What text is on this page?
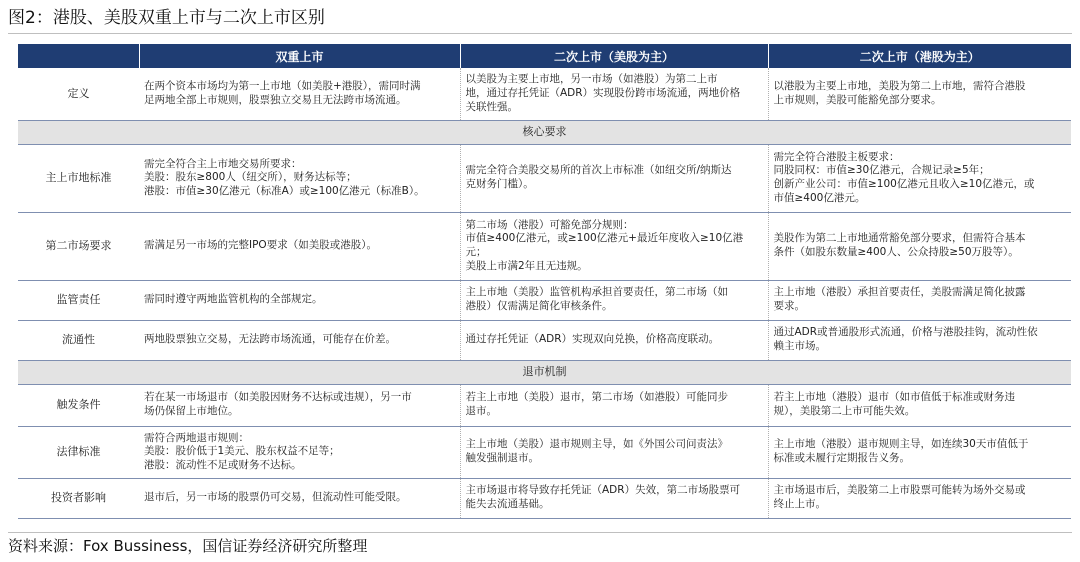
图2：港股、美股双重上市与二次上市区别
	双重上市	二次上市（美股为主）	二次上市（港股为主）
定义	在两个资本市场均为第一上市地（如美股+港股），需同时满
足两地全部上市规则，股票独立交易且无法跨市场流通。	以美股为主要上市地，另一市场（如港股）为第二上市
地，通过存托凭证（ADR）实现股份跨市场流通，两地价格
关联性强。	以港股为主要上市地，美股为第二上市地，需符合港股
上市规则，美股可能豁免部分要求。

核心要求			
主上市地标准	需完全符合主上市地交易所要求：
美股：股东≥800人（纽交所），财务达标等；
港股：市值≥30亿港元（标准A）或≥100亿港元（标准B）。	需完全符合美股交易所的首次上市标准（如纽交所/纳斯达
克财务门槛）。	需完全符合港股主板要求：
同股同权：市值≥30亿港元，合规记录≥5年；
创新产业公司：市值≥100亿港元且收入≥10亿港元，或
市值≥400亿港元。

第二市场要求	需满足另一市场的完整IPO要求（如美股或港股）。	第二市场（港股）可豁免部分规则：
市值≥400亿港元，或≥100亿港元+最近年度收入≥10亿港
元；
美股上市满2年且无违规。	美股作为第二上市地通常豁免部分要求，但需符合基本
条件（如股东数量≥400人、公众持股≥50万股等）。

监管责任	需同时遵守两地监管机构的全部规定。	主上市地（美股）监管机构承担首要责任，第二市场（如
港股）仅需满足简化审核条件。	主上市地（港股）承担首要责任，美股需满足简化披露
要求。

流通性	两地股票独立交易，无法跨市场流通，可能存在价差。	通过存托凭证（ADR）实现双向兑换，价格高度联动。	通过ADR或普通股形式流通，价格与港股挂钩，流动性依
赖主市场。

退市机制			
触发条件	若在某一市场退市（如美股因财务不达标或违规），另一市
场仍保留上市地位。	若主上市地（美股）退市，第二市场（如港股）可能同步
退市。	若主上市地（港股）退市（如市值低于标准或财务违
规），美股第二上市可能失效。

法律标准	需符合两地退市规则：
美股：股价低于1美元、股东权益不足等；
港股：流动性不足或财务不达标。	主上市地（美股）退市规则主导，如《外国公司问责法》
触发强制退市。	主上市地（港股）退市规则主导，如连续30天市值低于
标准或未履行定期报告义务。

投资者影响	退市后，另一市场的股票仍可交易，但流动性可能受限。	主市场退市将导致存托凭证（ADR）失效，第二市场股票可
能失去流通基础。	主市场退市后，美股第二上市股票可能转为场外交易或
终止上市。
资料来源：Fox Bussiness，国信证券经济研究所整理
